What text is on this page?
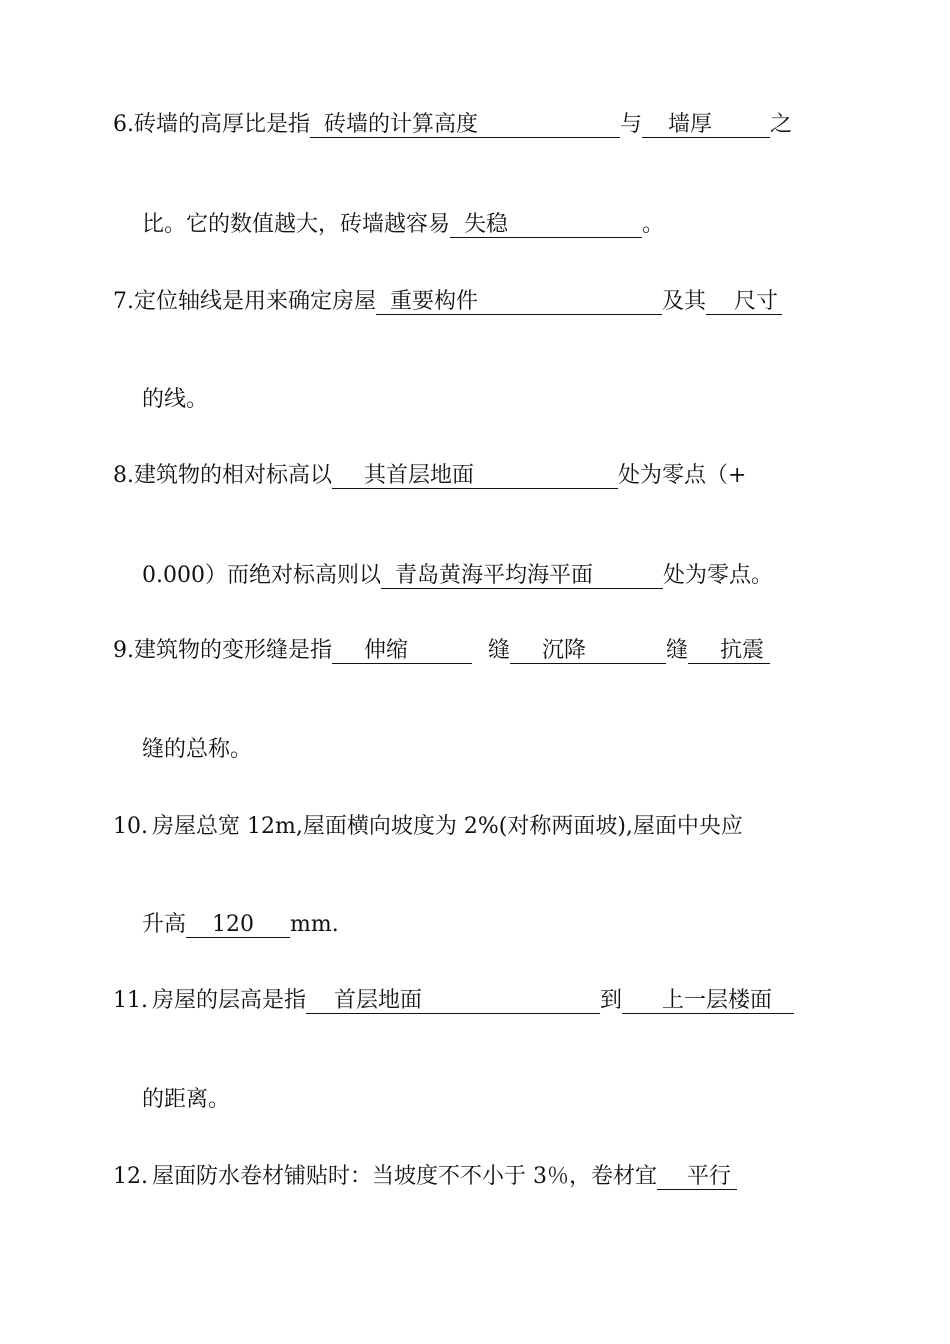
6.砖墙的高厚比是指 砖墙的计算高度	与 墙厚	之
比。它的数值越大，砖墙越容易 失稳	。
7.定位轴线是用来确定房屋 重要构件	及其 尺寸
的线。
8.建筑物的相对标高以 其首层地面	处为零点（+
0.000）而绝对标高则以 青岛黄海平均海平面	处为零点。
9.建筑物的变形缝是指 伸缩	缝 沉降	缝 抗震
缝的总称。
10. 房屋总宽 12m,屋面横向坡度为 2%(对称两面坡),屋面中央应
升高 120 mm.
11. 房屋的层高是指 首层地面	到 上一层楼面
的距离。
12. 屋面防水卷材铺贴时：当坡度不不小于 3％，卷材宜 平行
